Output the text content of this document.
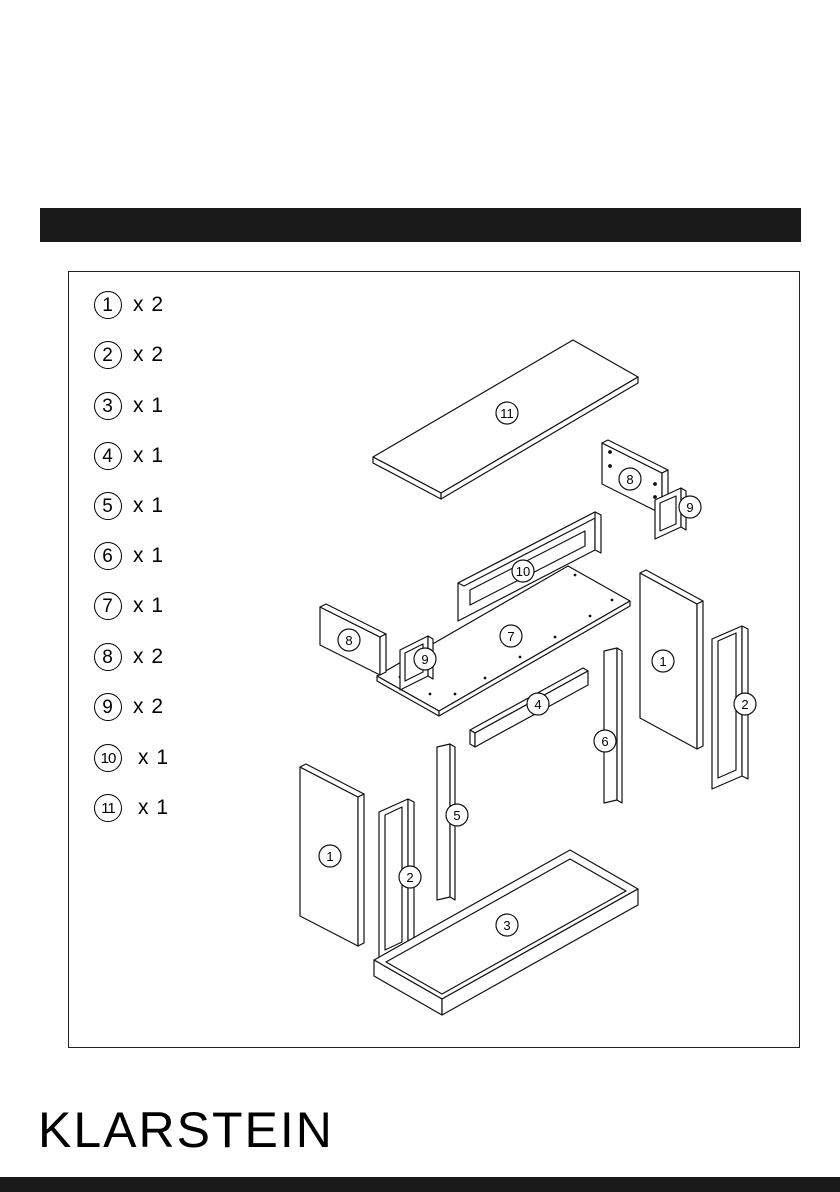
1 x 2
2 x 2
3 x 1
4 x 1
5 x 1
6 x 1
7 x 1
8 x 2
9 x 2
10	x 1
11	x 1
11
8
9
10
7
8
9	1
2
4
6
5
1
2
3
KLARSTEIN
